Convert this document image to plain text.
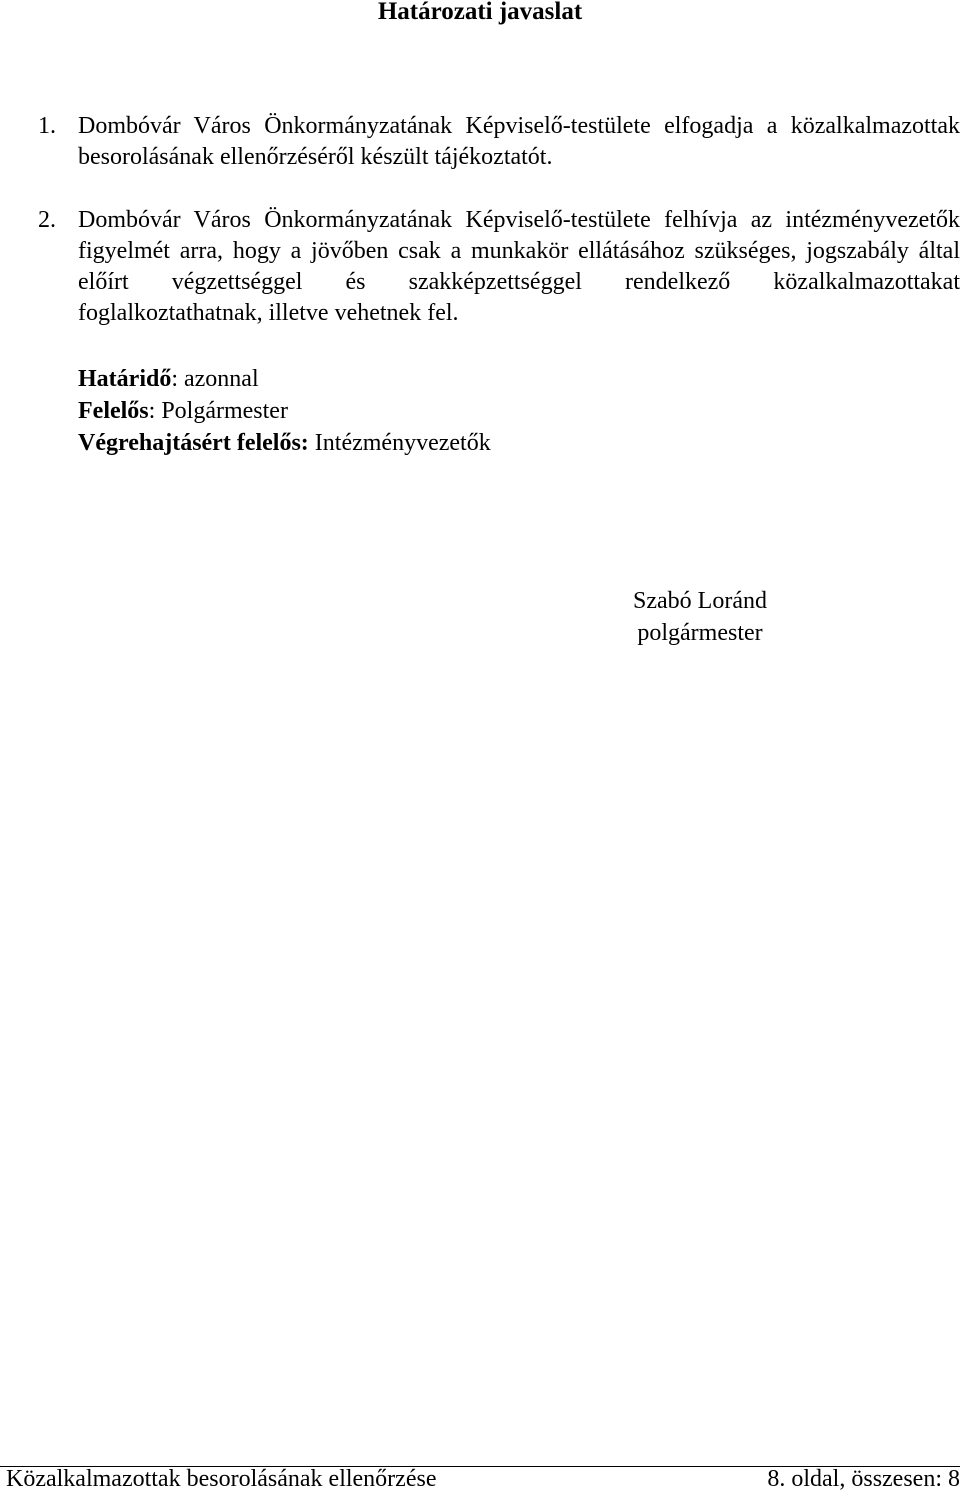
Határozati javaslat
1. Dombóvár Város Önkormányzatának Képviselő-testülete elfogadja a közalkalmazottak besorolásának ellenőrzéséről készült tájékoztatót.
2. Dombóvár Város Önkormányzatának Képviselő-testülete felhívja az intézményvezetők figyelmét arra, hogy a jövőben csak a munkakör ellátásához szükséges, jogszabály által előírt végzettséggel és szakképzettséggel rendelkező közalkalmazottakat foglalkoztathatnak, illetve vehetnek fel.
Határidő: azonnal
Felelős: Polgármester
Végrehajtásért felelős: Intézményvezetők
Szabó Loránd
polgármester
Közalkalmazottak besorolásának ellenőrzése	8. oldal, összesen: 8
